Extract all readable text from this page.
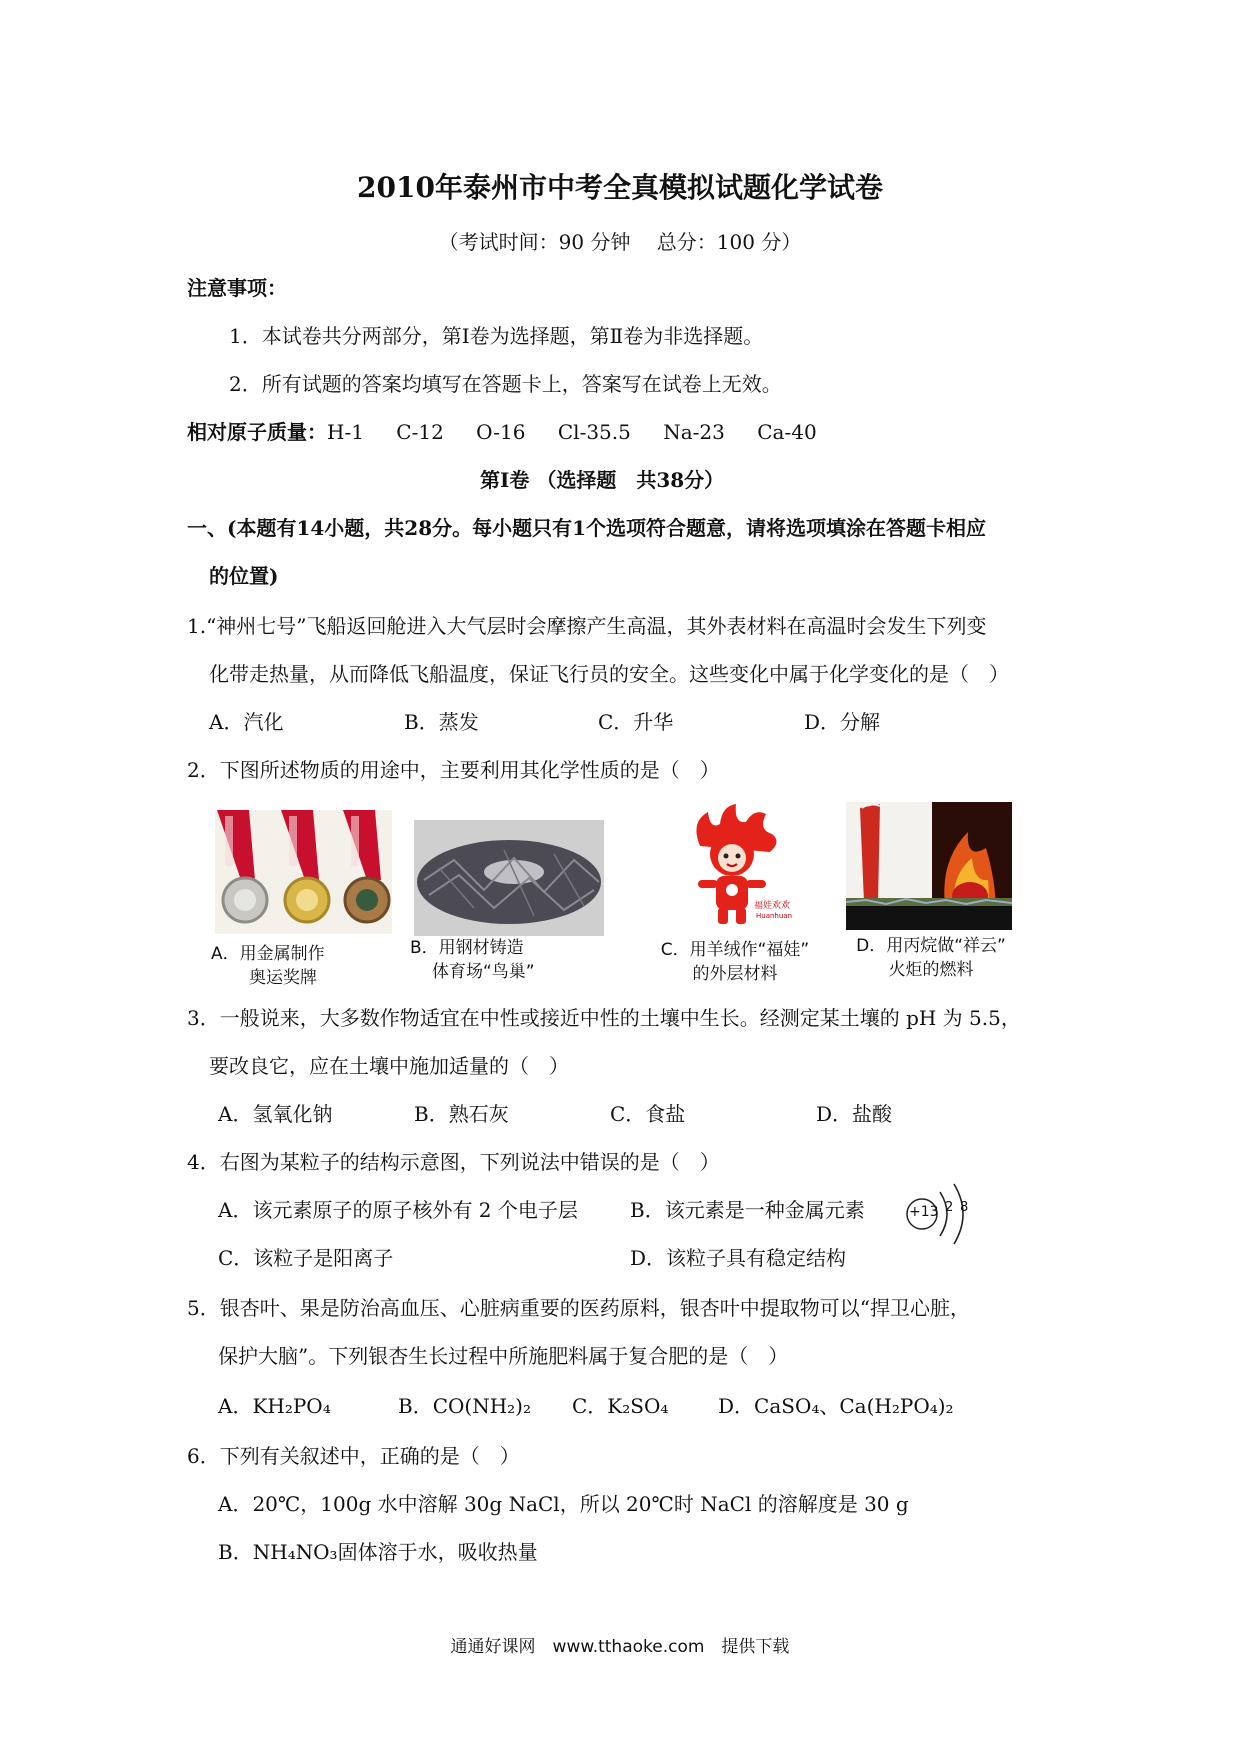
2010年泰州市中考全真模拟试题化学试卷
（考试时间：90 分钟　 总分：100 分）
注意事项：
1．本试卷共分两部分，第Ⅰ卷为选择题，第Ⅱ卷为非选择题。
2．所有试题的答案均填写在答题卡上，答案写在试卷上无效。
相对原子质量：H-1 C-12 O-16 Cl-35.5 Na-23 Ca-40
第Ⅰ卷 （选择题　共38分）
一、(本题有14小题，共28分。每小题只有1个选项符合题意，请将选项填涂在答题卡相应
的位置)
1.“神州七号”飞船返回舱进入大气层时会摩擦产生高温，其外表材料在高温时会发生下列变
化带走热量，从而降低飞船温度，保证飞行员的安全。这些变化中属于化学变化的是（　）
A．汽化	B．蒸发	C．升华	D．分解
2．下图所述物质的用途中，主要利用其化学性质的是（　）
A．用金属制作
奥运奖牌
B．用钢材铸造
体育场“鸟巢”
福娃欢欢
Huanhuan
C．用羊绒作“福娃”
的外层材料
D．用丙烷做“祥云”
火炬的燃料
3．一般说来，大多数作物适宜在中性或接近中性的土壤中生长。经测定某土壤的 pH 为 5.5，
要改良它，应在土壤中施加适量的（　）
A．氢氧化钠	B．熟石灰	C．食盐	D．盐酸
4．右图为某粒子的结构示意图，下列说法中错误的是（　）
A．该元素原子的原子核外有 2 个电子层	B．该元素是一种金属元素
C．该粒子是阳离子	D．该粒子具有稳定结构
+13 2 8
5．银杏叶、果是防治高血压、心脏病重要的医药原料，银杏叶中提取物可以“捍卫心脏，
保护大脑”。下列银杏生长过程中所施肥料属于复合肥的是（　）
A．KH₂PO₄	B．CO(NH₂)₂ C．K₂SO₄ D．CaSO₄、Ca(H₂PO₄)₂
6．下列有关叙述中，正确的是（　）
A．20℃，100g 水中溶解 30g NaCl，所以 20℃时 NaCl 的溶解度是 30 g
B．NH₄NO₃固体溶于水，吸收热量
通通好课网　www.tthaoke.com　提供下载
